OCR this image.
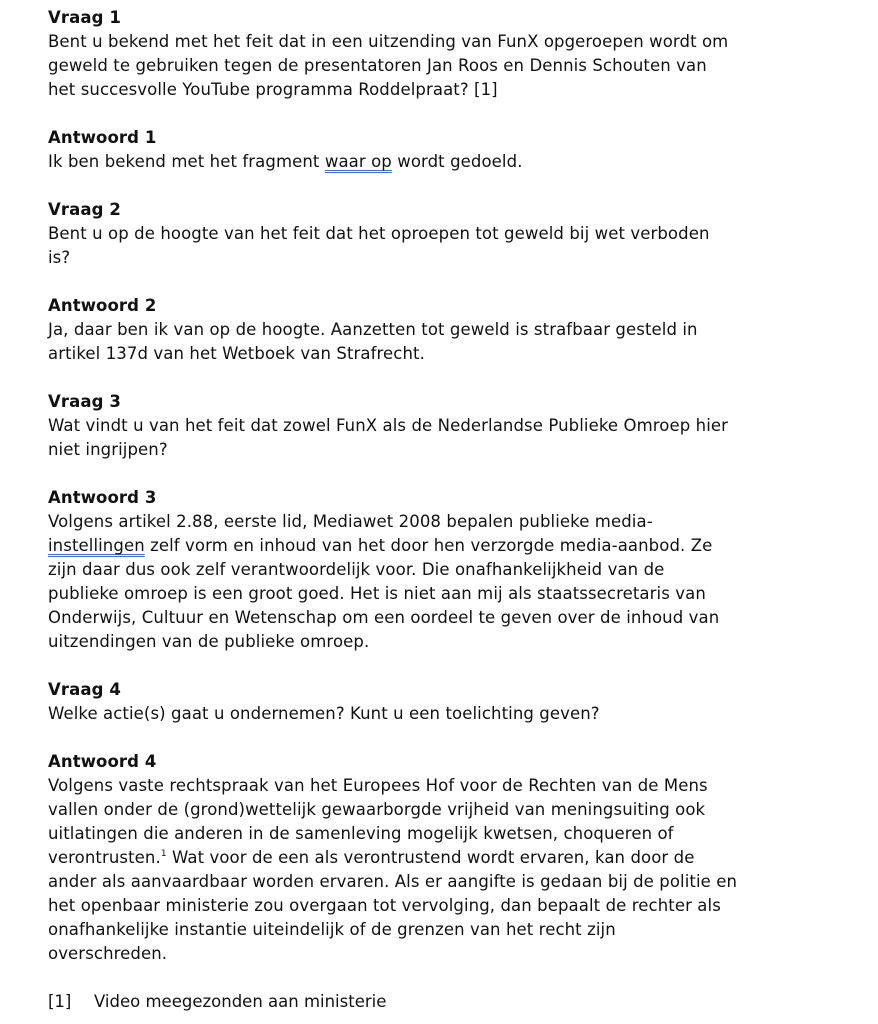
Vraag 1

Bent u bekend met het feit dat in een uitzending van FunX opgeroepen wordt om
geweld te gebruiken tegen de presentatoren Jan Roos en Dennis Schouten van
het succesvolle YouTube programma Roddelpraat? [1]

Antwoord 1

Ik ben bekend met het fragment waar op wordt gedoeld.

Vraag 2

Bent u op de hoogte van het feit dat het oproepen tot geweld bij wet verboden
is?

Antwoord 2

Ja, daar ben ik van op de hoogte. Aanzetten tot geweld is strafbaar gesteld in
artikel 137d van het Wetboek van Strafrecht.

Vraag 3

Wat vindt u van het feit dat zowel FunX als de Nederlandse Publieke Omroep hier
niet ingrijpen?

Antwoord 3

Volgens artikel 2.88, eerste lid, Mediawet 2008 bepalen publieke media-
instellingen zelf vorm en inhoud van het door hen verzorgde media-aanbod. Ze
zijn daar dus ook zelf verantwoordelijk voor. Die onafhankelijkheid van de
publieke omroep is een groot goed. Het is niet aan mij als staatssecretaris van
Onderwijs, Cultuur en Wetenschap om een oordeel te geven over de inhoud van
uitzendingen van de publieke omroep.

Vraag 4

Welke actie(s) gaat u ondernemen? Kunt u een toelichting geven?

Antwoord 4

Volgens vaste rechtspraak van het Europees Hof voor de Rechten van de Mens
vallen onder de (grond)wettelijk gewaarborgde vrijheid van meningsuiting ook
uitlatingen die anderen in de samenleving mogelijk kwetsen, choqueren of
verontrusten.$^1$ Wat voor de een als verontrustend wordt ervaren, kan door de
ander als aanvaardbaar worden ervaren. Als er aangifte is gedaan bij de politie en
het openbaar ministerie zou overgaan tot vervolging, dan bepaalt de rechter als
onafhankelijke instantie uiteindelijk of de grenzen van het recht zijn
overschreden.

[1] Video meegezonden aan ministerie
